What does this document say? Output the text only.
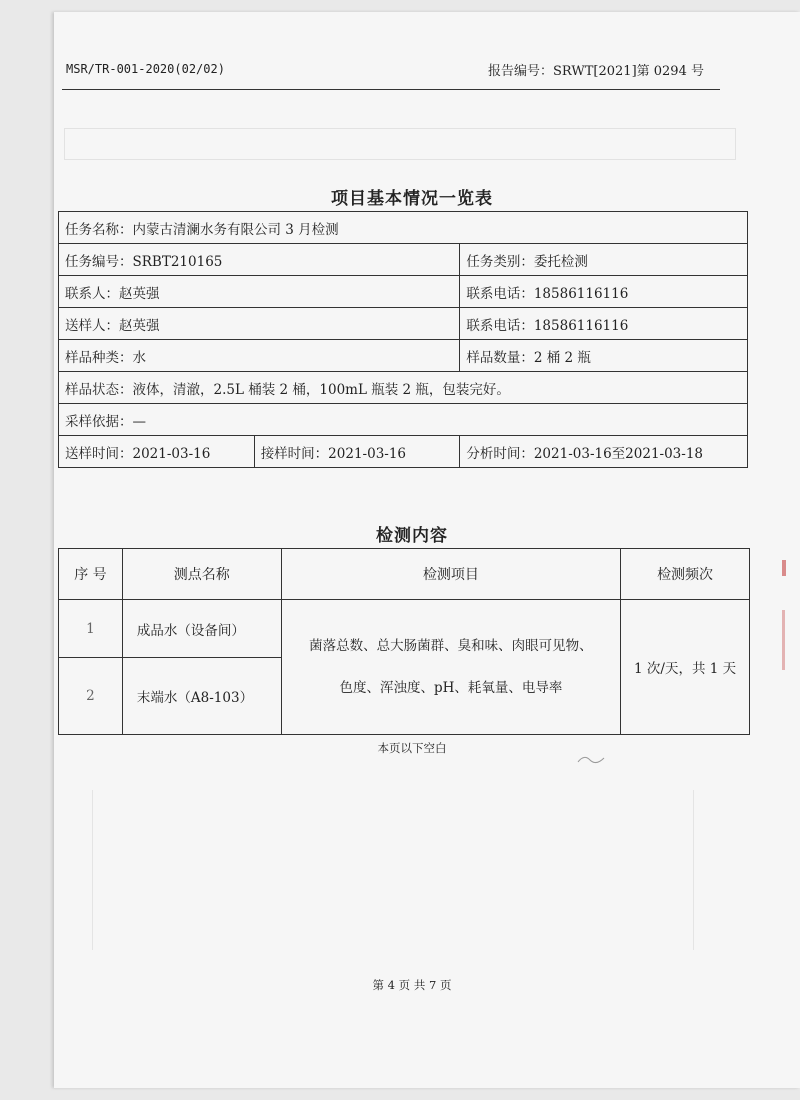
MSR/TR-001-2020(02/02)	报告编号：SRWT[2021]第 0294 号
项目基本情况一览表
任务名称：内蒙古清澜水务有限公司 3 月检测		
任务编号：SRBT210165		任务类别：委托检测
联系人：赵英强		联系电话：18586116116
送样人：赵英强		联系电话：18586116116
样品种类：水		样品数量：2 桶 2 瓶
样品状态：液体，清澈，2.5L 桶装 2 桶，100mL 瓶装 2 瓶，包装完好。		
采样依据：—		
送样时间：2021-03-16	接样时间：2021-03-16	分析时间：2021-03-16至2021-03-18
检测内容
序 号	测点名称	检测项目	检测频次
1	成品水（设备间）	菌落总数、总大肠菌群、臭和味、肉眼可见物、
色度、浑浊度、pH、耗氧量、电导率	1 次/天，共 1 天
2	末端水（A8-103）		
本页以下空白
第 4 页 共 7 页
